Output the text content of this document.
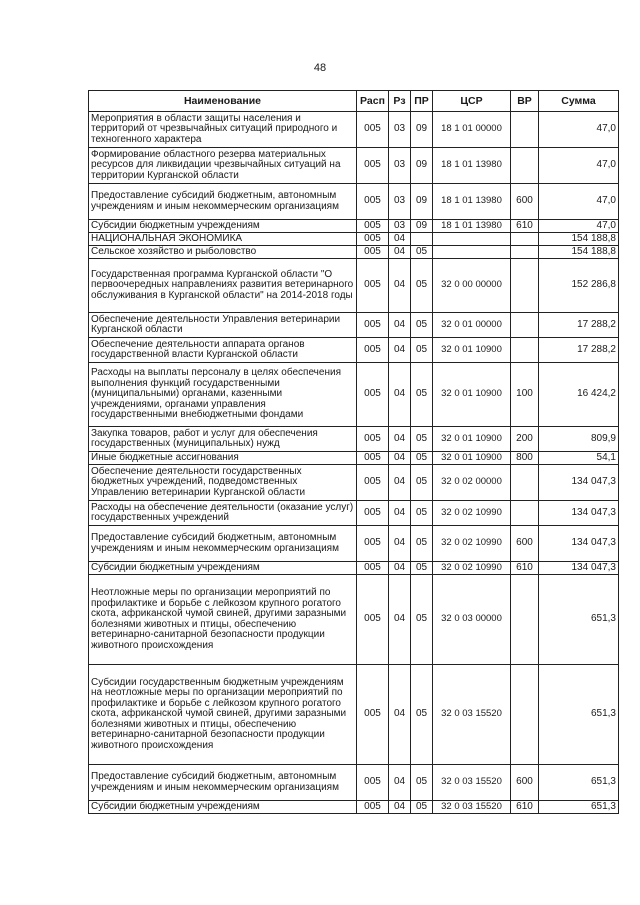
48
Наименование	Расп	Рз	ПР	ЦСР	ВР	Сумма
Мероприятия в области защиты населения и территорий от чрезвычайных ситуаций природного и техногенного характера	005	03	09	18 1 01 00000		47,0
Формирование областного резерва материальных ресурсов для ликвидации чрезвычайных ситуаций на территории Курганской области	005	03	09	18 1 01 13980		47,0
Предоставление субсидий бюджетным, автономным учреждениям и иным некоммерческим организациям	005	03	09	18 1 01 13980	600	47,0
Субсидии бюджетным учреждениям	005	03	09	18 1 01 13980	610	47,0
НАЦИОНАЛЬНАЯ ЭКОНОМИКА	005	04				154 188,8
Сельское хозяйство и рыболовство	005	04	05			154 188,8
Государственная программа Курганской области "О первоочередных направлениях развития ветеринарного обслуживания в Курганской области" на 2014-2018 годы	005	04	05	32 0 00 00000		152 286,8
Обеспечение деятельности Управления ветеринарии Курганской области	005	04	05	32 0 01 00000		17 288,2
Обеспечение деятельности аппарата органов государственной власти Курганской области	005	04	05	32 0 01 10900		17 288,2
Расходы на выплаты персоналу в целях обеспечения выполнения функций государственными (муниципальными) органами, казенными учреждениями, органами управления государственными внебюджетными фондами	005	04	05	32 0 01 10900	100	16 424,2
Закупка товаров, работ и услуг для обеспечения государственных (муниципальных) нужд	005	04	05	32 0 01 10900	200	809,9
Иные бюджетные ассигнования	005	04	05	32 0 01 10900	800	54,1
Обеспечение деятельности государственных бюджетных учреждений, подведомственных Управлению ветеринарии Курганской области	005	04	05	32 0 02 00000		134 047,3
Расходы на обеспечение деятельности (оказание услуг) государственных учреждений	005	04	05	32 0 02 10990		134 047,3
Предоставление субсидий бюджетным, автономным учреждениям и иным некоммерческим организациям	005	04	05	32 0 02 10990	600	134 047,3
Субсидии бюджетным учреждениям	005	04	05	32 0 02 10990	610	134 047,3
Неотложные меры по организации мероприятий по профилактике и борьбе с лейкозом крупного рогатого скота, африканской чумой свиней, другими заразными болезнями животных и птицы, обеспечению ветеринарно-санитарной безопасности продукции животного происхождения	005	04	05	32 0 03 00000		651,3
Субсидии государственным бюджетным учреждениям на неотложные меры по организации мероприятий по профилактике и борьбе с лейкозом крупного рогатого скота, африканской чумой свиней, другими заразными болезнями животных и птицы, обеспечению ветеринарно-санитарной безопасности продукции животного происхождения	005	04	05	32 0 03 15520		651,3
Предоставление субсидий бюджетным, автономным учреждениям и иным некоммерческим организациям	005	04	05	32 0 03 15520	600	651,3
Субсидии бюджетным учреждениям	005	04	05	32 0 03 15520	610	651,3
